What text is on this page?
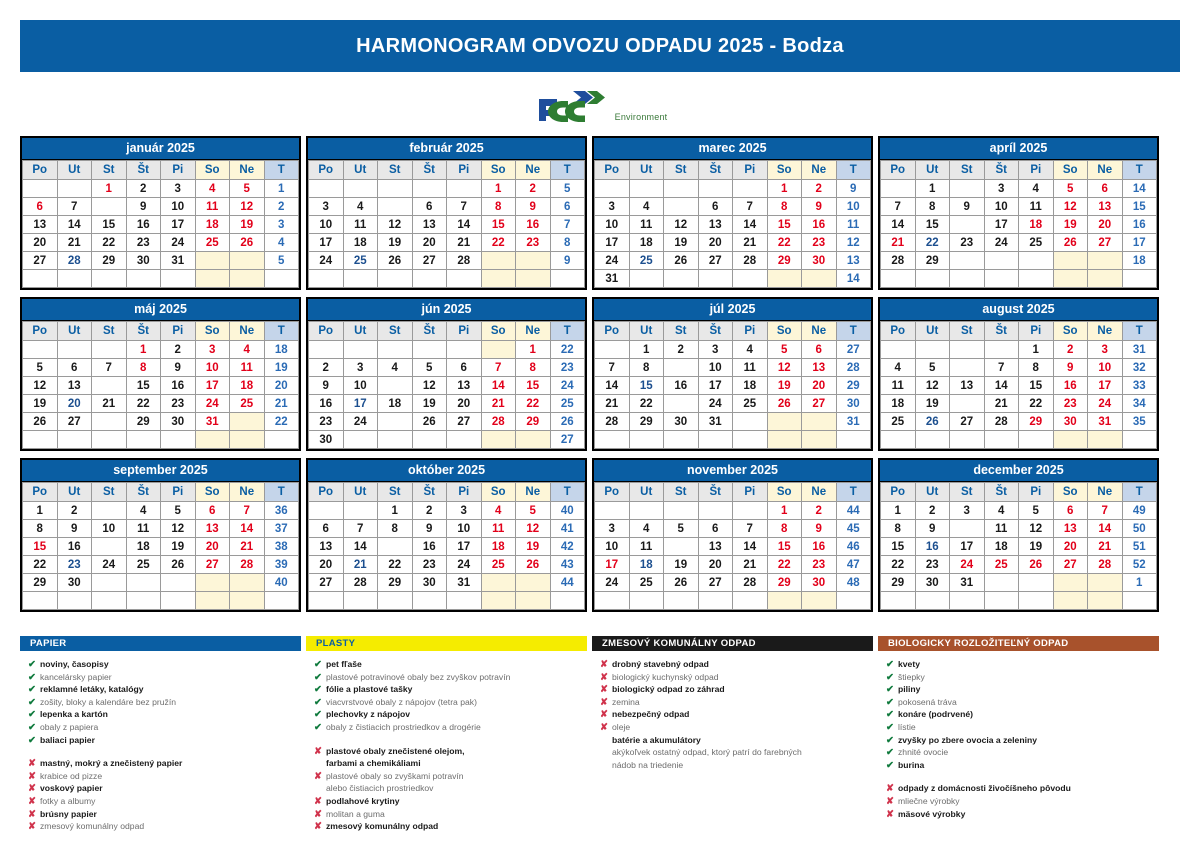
HARMONOGRAM ODVOZU ODPADU 2025 - Bodza
Environment
január 2025
Po	Ut	St	Št	Pi	So	Ne	T
		1	2	3	4	5	1
6	7	8	9	10	11	12	2
13	14	15	16	17	18	19	3
20	21	22	23	24	25	26	4
27	28	29	30	31			5

február 2025
Po	Ut	St	Št	Pi	So	Ne	T
					1	2	5
3	4	5	6	7	8	9	6
10	11	12	13	14	15	16	7
17	18	19	20	21	22	23	8
24	25	26	27	28			9

marec 2025
Po	Ut	St	Št	Pi	So	Ne	T
					1	2	9
3	4	5	6	7	8	9	10
10	11	12	13	14	15	16	11
17	18	19	20	21	22	23	12
24	25	26	27	28	29	30	13
31							14
apríl 2025
Po	Ut	St	Št	Pi	So	Ne	T
	1	2	3	4	5	6	14
7	8	9	10	11	12	13	15
14	15	16	17	18	19	20	16
21	22	23	24	25	26	27	17
28	29	30					18

máj 2025
Po	Ut	St	Št	Pi	So	Ne	T
			1	2	3	4	18
5	6	7	8	9	10	11	19
12	13	14	15	16	17	18	20
19	20	21	22	23	24	25	21
26	27	28	29	30	31		22

jún 2025
Po	Ut	St	Št	Pi	So	Ne	T
						1	22
2	3	4	5	6	7	8	23
9	10	11	12	13	14	15	24
16	17	18	19	20	21	22	25
23	24	25	26	27	28	29	26
30							27
júl 2025
Po	Ut	St	Št	Pi	So	Ne	T
	1	2	3	4	5	6	27
7	8	9	10	11	12	13	28
14	15	16	17	18	19	20	29
21	22	23	24	25	26	27	30
28	29	30	31				31

august 2025
Po	Ut	St	Št	Pi	So	Ne	T
				1	2	3	31
4	5	6	7	8	9	10	32
11	12	13	14	15	16	17	33
18	19	20	21	22	23	24	34
25	26	27	28	29	30	31	35

september 2025
Po	Ut	St	Št	Pi	So	Ne	T
1	2	3	4	5	6	7	36
8	9	10	11	12	13	14	37
15	16	17	18	19	20	21	38
22	23	24	25	26	27	28	39
29	30						40

október 2025
Po	Ut	St	Št	Pi	So	Ne	T
		1	2	3	4	5	40
6	7	8	9	10	11	12	41
13	14	15	16	17	18	19	42
20	21	22	23	24	25	26	43
27	28	29	30	31			44

november 2025
Po	Ut	St	Št	Pi	So	Ne	T
					1	2	44
3	4	5	6	7	8	9	45
10	11	12	13	14	15	16	46
17	18	19	20	21	22	23	47
24	25	26	27	28	29	30	48

december 2025
Po	Ut	St	Št	Pi	So	Ne	T
1	2	3	4	5	6	7	49
8	9	10	11	12	13	14	50
15	16	17	18	19	20	21	51
22	23	24	25	26	27	28	52
29	30	31					1

PAPIER
✔ noviny, časopisy
✔ kancelársky papier
✔ reklamné letáky, katalógy
✔ zošity, bloky a kalendáre bez pružín
✔ lepenka a kartón
✔ obaly z papiera
✔ baliaci papier
✘ mastný, mokrý a znečistený papier
✘ krabice od pizze
✘ voskový papier
✘ fotky a albumy
✘ brúsny papier
✘ zmesový komunálny odpad
PLASTY
✔ pet fľaše
✔ plastové potravinové obaly bez zvyškov potravín
✔ fólie a plastové tašky
✔ viacvrstvové obaly z nápojov (tetra pak)
✔ plechovky z nápojov
✔ obaly z čistiacich prostriedkov a drogérie
✘ plastové obaly znečistené olejom,
farbami a chemikáliami
✘ plastové obaly so zvyškami potravín
alebo čistiacich prostriedkov
✘ podlahové krytiny
✘ molitan a guma
✘ zmesový komunálny odpad
ZMESOVÝ KOMUNÁLNY ODPAD
✘ drobný stavebný odpad
✘ biologický kuchynský odpad
✘ biologický odpad zo záhrad
✘ zemina
✘ nebezpečný odpad
✘ oleje
batérie a akumulátory
akýkoľvek ostatný odpad, ktorý patrí do farebných
nádob na triedenie
BIOLOGICKY ROZLOŽITEĽNÝ ODPAD
✔ kvety
✔ štiepky
✔ piliny
✔ pokosená tráva
✔ konáre (podrvené)
✔ lístie
✔ zvyšky po zbere ovocia a zeleniny
✔ zhnité ovocie
✔ burina
✘ odpady z domácnosti živočíšneho pôvodu
✘ mliečne výrobky
✘ mäsové výrobky
